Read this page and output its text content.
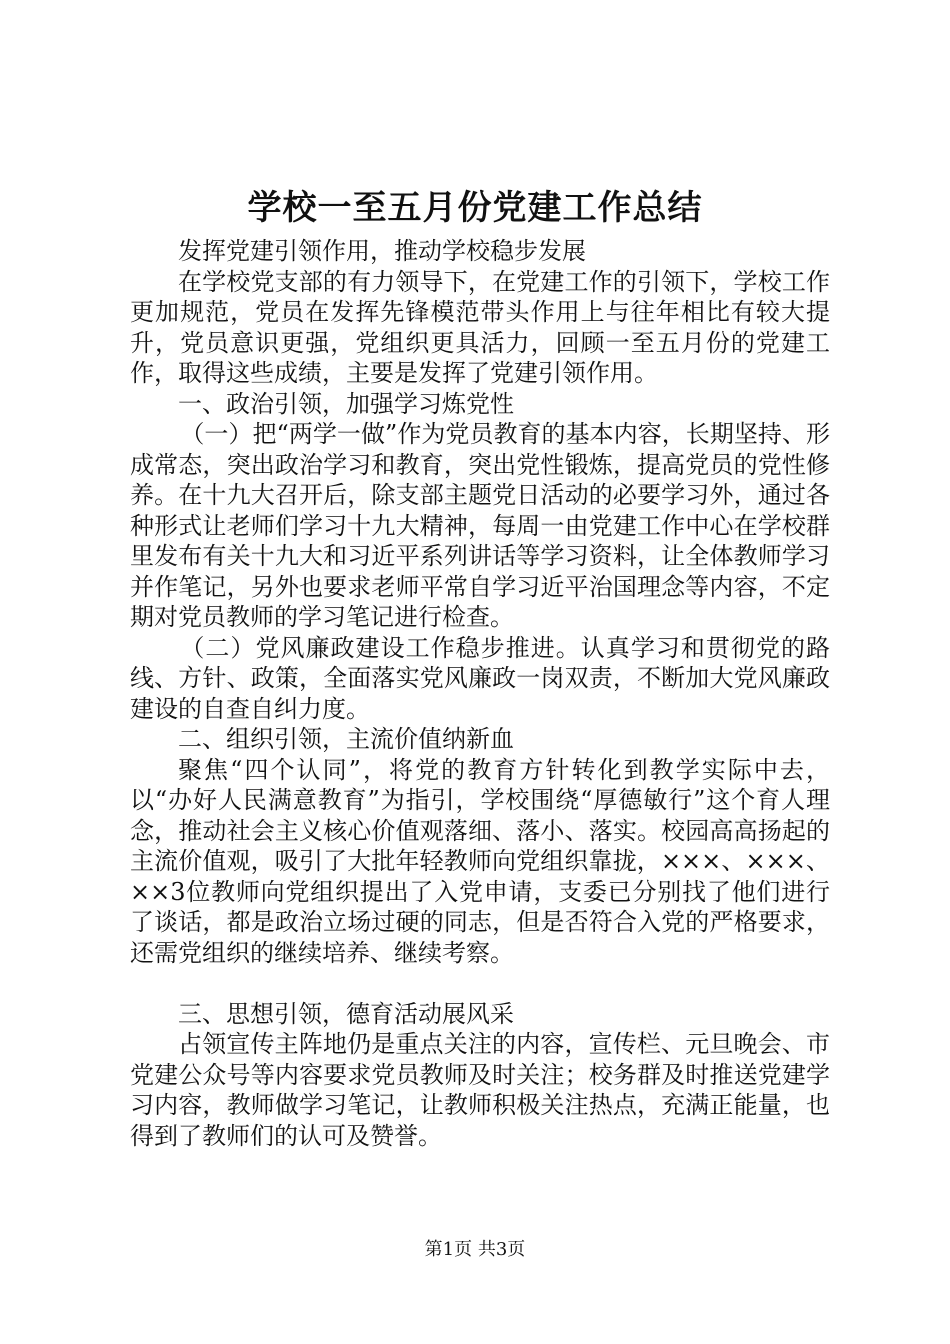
学校一至五月份党建工作总结

发挥党建引领作用，推动学校稳步发展

在学校党支部的有力领导下，在党建工作的引领下，学校工作更加规范，党员在发挥先锋模范带头作用上与往年相比有较大提升，党员意识更强，党组织更具活力，回顾一至五月份的党建工作，取得这些成绩，主要是发挥了党建引领作用。

一、政治引领，加强学习炼党性

（一）把“两学一做”作为党员教育的基本内容，长期坚持、形成常态，突出政治学习和教育，突出党性锻炼，提高党员的党性修养。在十九大召开后，除支部主题党日活动的必要学习外，通过各种形式让老师们学习十九大精神，每周一由党建工作中心在学校群里发布有关十九大和习近平系列讲话等学习资料，让全体教师学习并作笔记，另外也要求老师平常自学习近平治国理念等内容，不定期对党员教师的学习笔记进行检查。

（二）党风廉政建设工作稳步推进。认真学习和贯彻党的路线、方针、政策，全面落实党风廉政一岗双责，不断加大党风廉政建设的自查自纠力度。

二、组织引领，主流价值纳新血

聚焦“四个认同”，将党的教育方针转化到教学实际中去，以“办好人民满意教育”为指引，学校围绕“厚德敏行”这个育人理念，推动社会主义核心价值观落细、落小、落实。校园高高扬起的主流价值观，吸引了大批年轻教师向党组织靠拢，×××、×××、××3位教师向党组织提出了入党申请，支委已分别找了他们进行了谈话，都是政治立场过硬的同志，但是否符合入党的严格要求，还需党组织的继续培养、继续考察。

三、思想引领，德育活动展风采

占领宣传主阵地仍是重点关注的内容，宣传栏、元旦晚会、市党建公众号等内容要求党员教师及时关注；校务群及时推送党建学习内容，教师做学习笔记，让教师积极关注热点，充满正能量，也得到了教师们的认可及赞誉。

第1页 共3页
